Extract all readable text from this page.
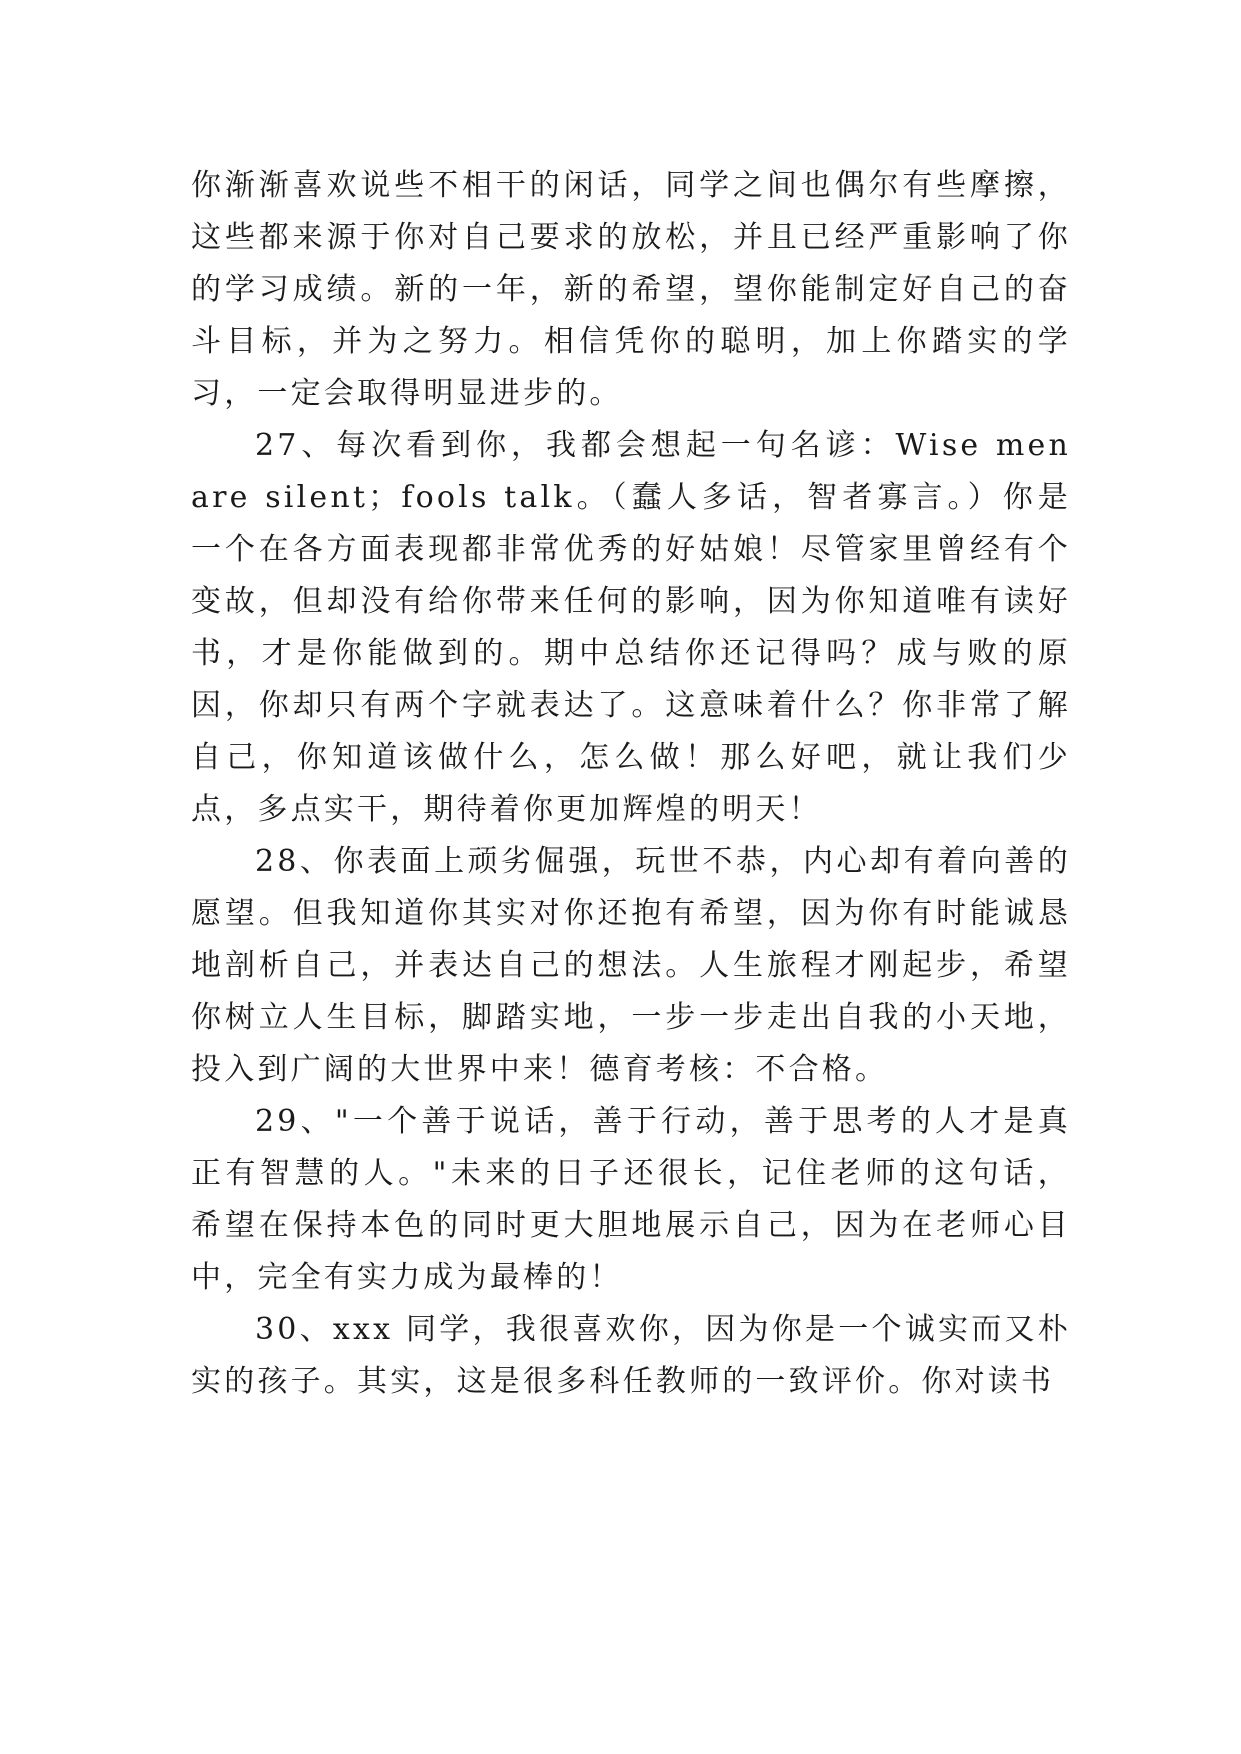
你渐渐喜欢说些不相干的闲话，同学之间也偶尔有些摩擦，这些都来源于你对自己要求的放松，并且已经严重影响了你的学习成绩。新的一年，新的希望，望你能制定好自己的奋斗目标，并为之努力。相信凭你的聪明，加上你踏实的学习，一定会取得明显进步的。

27、每次看到你，我都会想起一句名谚：Wise men are silent；fools talk。（蠢人多话，智者寡言。）你是一个在各方面表现都非常优秀的好姑娘！尽管家里曾经有个变故，但却没有给你带来任何的影响，因为你知道唯有读好书，才是你能做到的。期中总结你还记得吗？成与败的原因，你却只有两个字就表达了。这意味着什么？你非常了解自己，你知道该做什么，怎么做！那么好吧，就让我们少点，多点实干，期待着你更加辉煌的明天！

28、你表面上顽劣倔强，玩世不恭，内心却有着向善的愿望。但我知道你其实对你还抱有希望，因为你有时能诚恳地剖析自己，并表达自己的想法。人生旅程才刚起步，希望你树立人生目标，脚踏实地，一步一步走出自我的小天地，投入到广阔的大世界中来！德育考核：不合格。

29、"一个善于说话，善于行动，善于思考的人才是真正有智慧的人。"未来的日子还很长，记住老师的这句话，希望在保持本色的同时更大胆地展示自己，因为在老师心目中，完全有实力成为最棒的！

30、xxx 同学，我很喜欢你，因为你是一个诚实而又朴实的孩子。其实，这是很多科任教师的一致评价。你对读书
